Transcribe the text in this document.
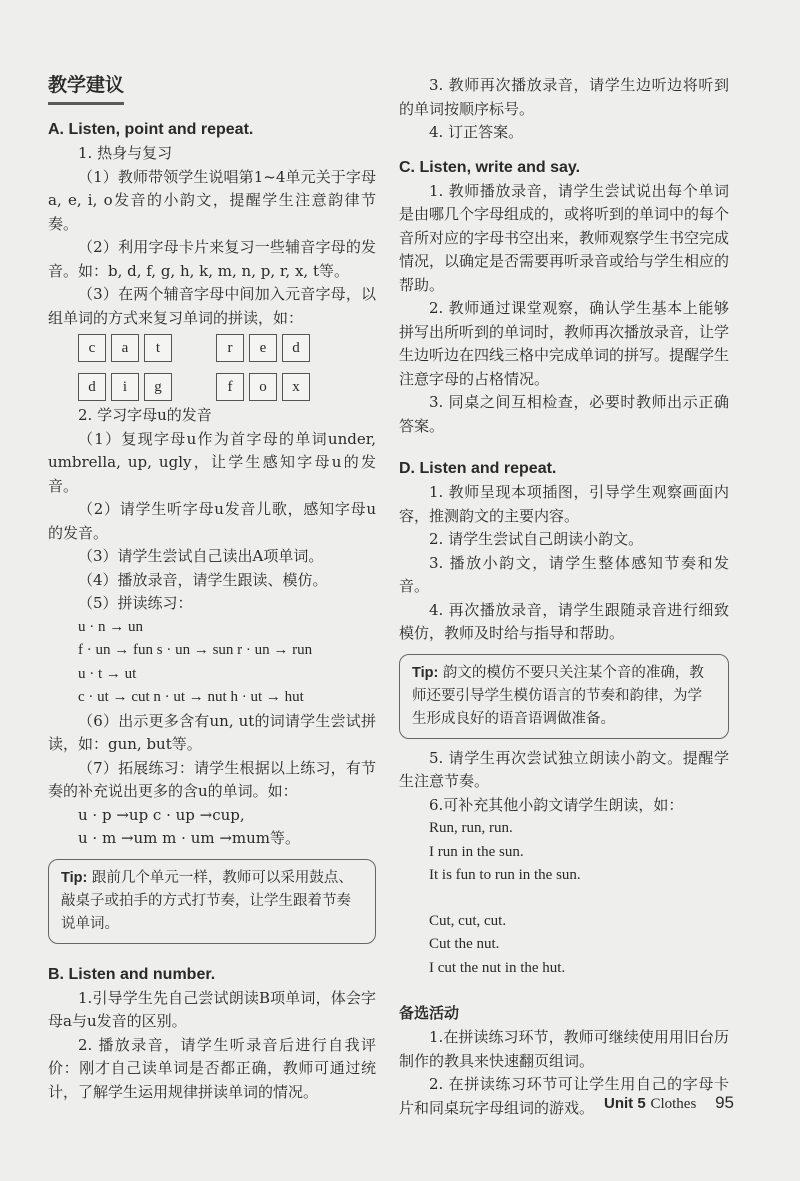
教学建议
A. Listen, point and repeat.

1. 热身与复习

（1）教师带领学生说唱第1~4单元关于字母a, e, i, o发音的小韵文，提醒学生注意韵律节奏。

（2）利用字母卡片来复习一些辅音字母的发音。如：b, d, f, g, h, k, m, n, p, r, x, t等。

（3）在两个辅音字母中间加入元音字母，以组单词的方式来复习单词的拼读，如：

c	a	t
d	i	g
r	e	d
f	o	x

2. 学习字母u的发音

（1）复现字母u作为首字母的单词under, umbrella, up, ugly，让学生感知字母u的发音。

（2）请学生听字母u发音儿歌，感知字母u的发音。

（3）请学生尝试自己读出A项单词。

（4）播放录音，请学生跟读、模仿。

（5）拼读练习：

u · n → un

f · un → fun s · un → sun r · un → run

u · t → ut

c · ut → cut n · ut → nut h · ut → hut

（6）出示更多含有un, ut的词请学生尝试拼读，如：gun, but等。

（7）拓展练习：请学生根据以上练习，有节奏的补充说出更多的含u的单词。如：

u · p →up c · up →cup,

u · m →um m · um →mum等。

Tip: 跟前几个单元一样，教师可以采用鼓点、敲桌子或拍手的方式打节奏，让学生跟着节奏说单词。
B. Listen and number.

1.引导学生先自己尝试朗读B项单词，体会字母a与u发音的区别。

2. 播放录音，请学生听录音后进行自我评价：刚才自己读单词是否都正确，教师可通过统计，了解学生运用规律拼读单词的情况。

3. 教师再次播放录音，请学生边听边将听到的单词按顺序标号。

4. 订正答案。

C. Listen, write and say.

1. 教师播放录音，请学生尝试说出每个单词是由哪几个字母组成的，或将听到的单词中的每个音所对应的字母书空出来，教师观察学生书空完成情况，以确定是否需要再听录音或给与学生相应的帮助。

2. 教师通过课堂观察，确认学生基本上能够拼写出所听到的单词时，教师再次播放录音，让学生边听边在四线三格中完成单词的拼写。提醒学生注意字母的占格情况。

3. 同桌之间互相检查，必要时教师出示正确答案。

D. Listen and repeat.

1. 教师呈现本项插图，引导学生观察画面内容，推测韵文的主要内容。

2. 请学生尝试自己朗读小韵文。

3. 播放小韵文，请学生整体感知节奏和发音。

4. 再次播放录音，请学生跟随录音进行细致模仿，教师及时给与指导和帮助。

Tip: 韵文的模仿不要只关注某个音的准确，教师还要引导学生模仿语言的节奏和韵律，为学生形成良好的语音语调做准备。

5. 请学生再次尝试独立朗读小韵文。提醒学生注意节奏。

6.可补充其他小韵文请学生朗读，如：

Run, run, run.

I run in the sun.

It is fun to run in the sun.

Cut, cut, cut.

Cut the nut.

I cut the nut in the hut.

备选活动

1.在拼读练习环节，教师可继续使用用旧台历制作的教具来快速翻页组词。

2. 在拼读练习环节可让学生用自己的字母卡片和同桌玩字母组词的游戏。 Unit 5 Clothes 95
